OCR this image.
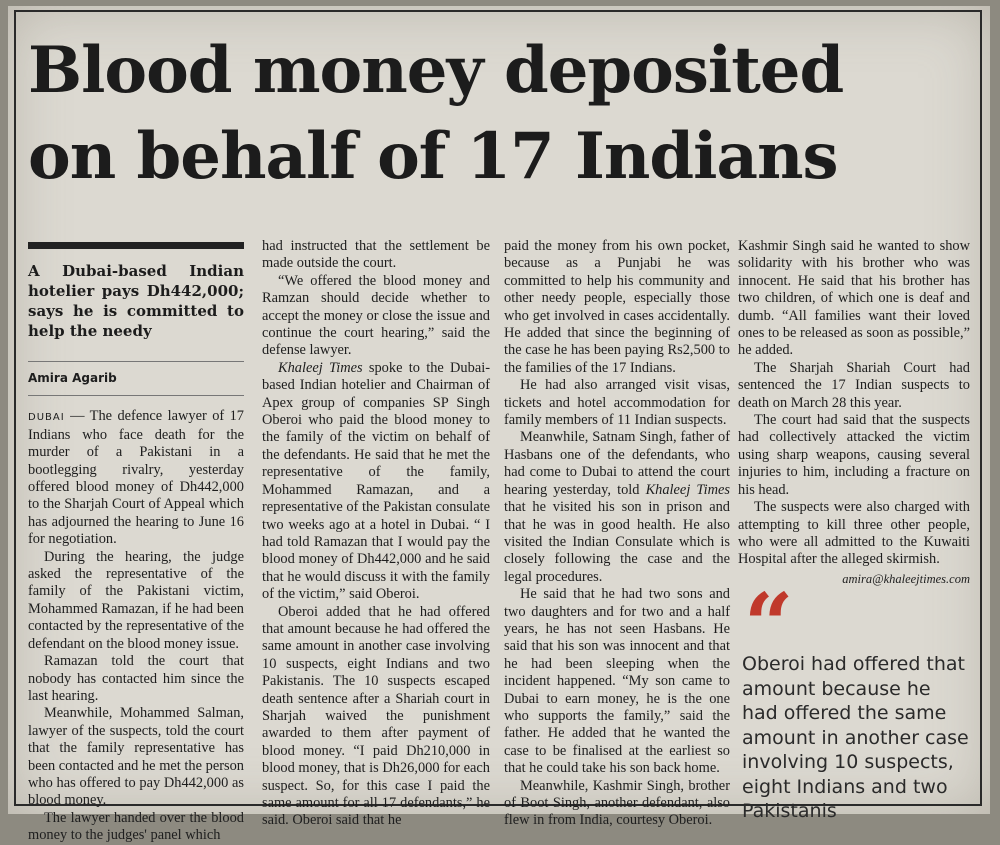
Blood money deposited
on behalf of 17 Indians
A Dubai-based Indian hotelier pays Dh442,000; says he is committed to help the needy
Amira Agarib

DUBAI — The defence lawyer of 17 Indians who face death for the murder of a Pakistani in a bootlegging rivalry, yesterday offered blood money of Dh442,000 to the Sharjah Court of Appeal which has adjourned the hearing to June 16 for negotiation.

During the hearing, the judge asked the representative of the family of the Pakistani victim, Mohammed Ramazan, if he had been contacted by the representative of the defendant on the blood money issue.

Ramazan told the court that nobody has contacted him since the last hearing.

Meanwhile, Mohammed Salman, lawyer of the suspects, told the court that the family representative has been contacted and he met the person who has offered to pay Dh442,000 as blood money.

The lawyer handed over the blood money to the judges' panel which

had instructed that the settlement be made outside the court.

“We offered the blood money and Ramzan should decide whether to accept the money or close the issue and continue the court hearing,” said the defense lawyer.

Khaleej Times spoke to the Dubai-based Indian hotelier and Chairman of Apex group of companies SP Singh Oberoi who paid the blood money to the family of the victim on behalf of the defendants. He said that he met the representative of the family, Mohammed Ramazan, and a representative of the Pakistan consulate two weeks ago at a hotel in Dubai. “ I had told Ramazan that I would pay the blood money of Dh442,000 and he said that he would discuss it with the family of the victim,” said Oberoi.

Oberoi added that he had offered that amount because he had offered the same amount in another case involving 10 suspects, eight Indians and two Pakistanis. The 10 suspects escaped death sentence after a Shariah court in Sharjah waived the punishment awarded to them after payment of blood money. “I paid Dh210,000 in blood money, that is Dh26,000 for each suspect. So, for this case I paid the same amount for all 17 defendants,” he said. Oberoi said that he

paid the money from his own pocket, because as a Punjabi he was committed to help his community and other needy people, especially those who get involved in cases accidentally. He added that since the beginning of the case he has been paying Rs2,500 to the families of the 17 Indians.

He had also arranged visit visas, tickets and hotel accommodation for family members of 11 Indian suspects.

Meanwhile, Satnam Singh, father of Hasbans one of the defendants, who had come to Dubai to attend the court hearing yesterday, told Khaleej Times that he visited his son in prison and that he was in good health. He also visited the Indian Consulate which is closely following the case and the legal procedures.

He said that he had two sons and two daughters and for two and a half years, he has not seen Hasbans. He said that his son was innocent and that he had been sleeping when the incident happened. “My son came to Dubai to earn money, he is the one who supports the family,” said the father. He added that he wanted the case to be finalised at the earliest so that he could take his son back home.

Meanwhile, Kashmir Singh, brother of Boot Singh, another defendant, also flew in from India, courtesy Oberoi.

Kashmir Singh said he wanted to show solidarity with his brother who was innocent. He said that his brother has two children, of which one is deaf and dumb. “All families want their loved ones to be released as soon as possible,” he added.

The Sharjah Shariah Court had sentenced the 17 Indian suspects to death on March 28 this year.

The court had said that the suspects had collectively attacked the victim using sharp weapons, causing several injuries to him, including a fracture on his head.

The suspects were also charged with attempting to kill three other people, who were all admitted to the Kuwaiti Hospital after the alleged skirmish.

amira@khaleejtimes.com
“
Oberoi had offered that amount because he had offered the same amount in another case involving 10 suspects, eight Indians and two Pakistanis
